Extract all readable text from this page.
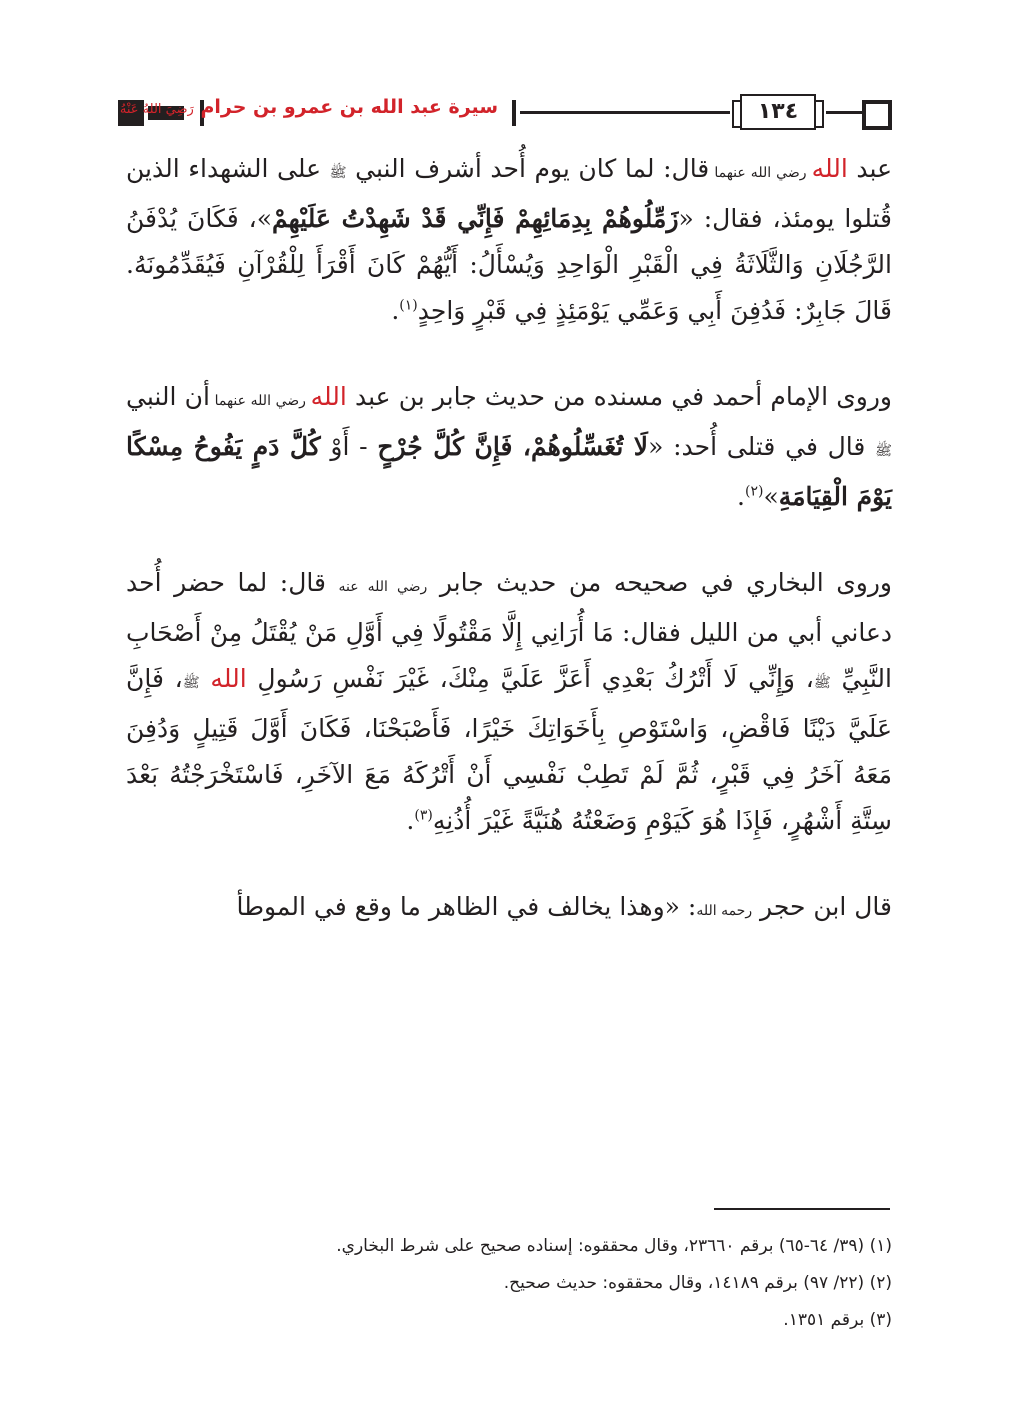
سيرة عبد الله بن عمرو بن حرام رَضِيَ اللهُ عَنْهُ	١٣٤

عبد الله رضي الله عنهما قال: لما كان يوم أُحد أشرف النبي ﷺ على الشهداء الذين قُتلوا يومئذ، فقال: «زَمِّلُوهُمْ بِدِمَائِهِمْ فَإِنِّي قَدْ شَهِدْتُ عَلَيْهِمْ»، فَكَانَ يُدْفَنُ الرَّجُلَانِ وَالثَّلَاثَةُ فِي الْقَبْرِ الْوَاحِدِ وَيُسْأَلُ: أَيُّهُمْ كَانَ أَقْرَأَ لِلْقُرْآنِ فَيُقَدِّمُونَهُ. قَالَ جَابِرٌ: فَدُفِنَ أَبِي وَعَمِّي يَوْمَئِذٍ فِي قَبْرٍ وَاحِدٍ$^{(١)}$.

وروى الإمام أحمد في مسنده من حديث جابر بن عبد الله رضي الله عنهما أن النبي ﷺ قال في قتلى أُحد: «لَا تُغَسِّلُوهُمْ، فَإِنَّ كُلَّ جُرْحٍ - أَوْ كُلَّ دَمٍ يَفُوحُ مِسْكًا يَوْمَ الْقِيَامَةِ»$^{(٢)}$.

وروى البخاري في صحيحه من حديث جابر رضي الله عنه قال: لما حضر أُحد دعاني أبي من الليل فقال: مَا أُرَانِي إِلَّا مَقْتُولًا فِي أَوَّلِ مَنْ يُقْتَلُ مِنْ أَصْحَابِ النَّبِيِّ ﷺ، وَإِنِّي لَا أَتْرُكُ بَعْدِي أَعَزَّ عَلَيَّ مِنْكَ، غَيْرَ نَفْسِ رَسُولِ الله ﷺ، فَإِنَّ عَلَيَّ دَيْنًا فَاقْضِ، وَاسْتَوْصِ بِأَخَوَاتِكَ خَيْرًا، فَأَصْبَحْنَا، فَكَانَ أَوَّلَ قَتِيلٍ وَدُفِنَ مَعَهُ آخَرُ فِي قَبْرٍ، ثُمَّ لَمْ تَطِبْ نَفْسِي أَنْ أَتْرُكَهُ مَعَ الآخَرِ، فَاسْتَخْرَجْتُهُ بَعْدَ سِتَّةِ أَشْهُرٍ، فَإِذَا هُوَ كَيَوْمِ وَضَعْتُهُ هُنَيَّةً غَيْرَ أُذُنِهِ$^{(٣)}$.

قال ابن حجر رحمه الله: «وهذا يخالف في الظاهر ما وقع في الموطأ

(١) (٣٩/ ٦٤-٦٥) برقم ٢٣٦٦٠، وقال محققوه: إسناده صحيح على شرط البخاري.
(٢) (٢٢/ ٩٧) برقم ١٤١٨٩، وقال محققوه: حديث صحيح.
(٣) برقم ١٣٥١.
